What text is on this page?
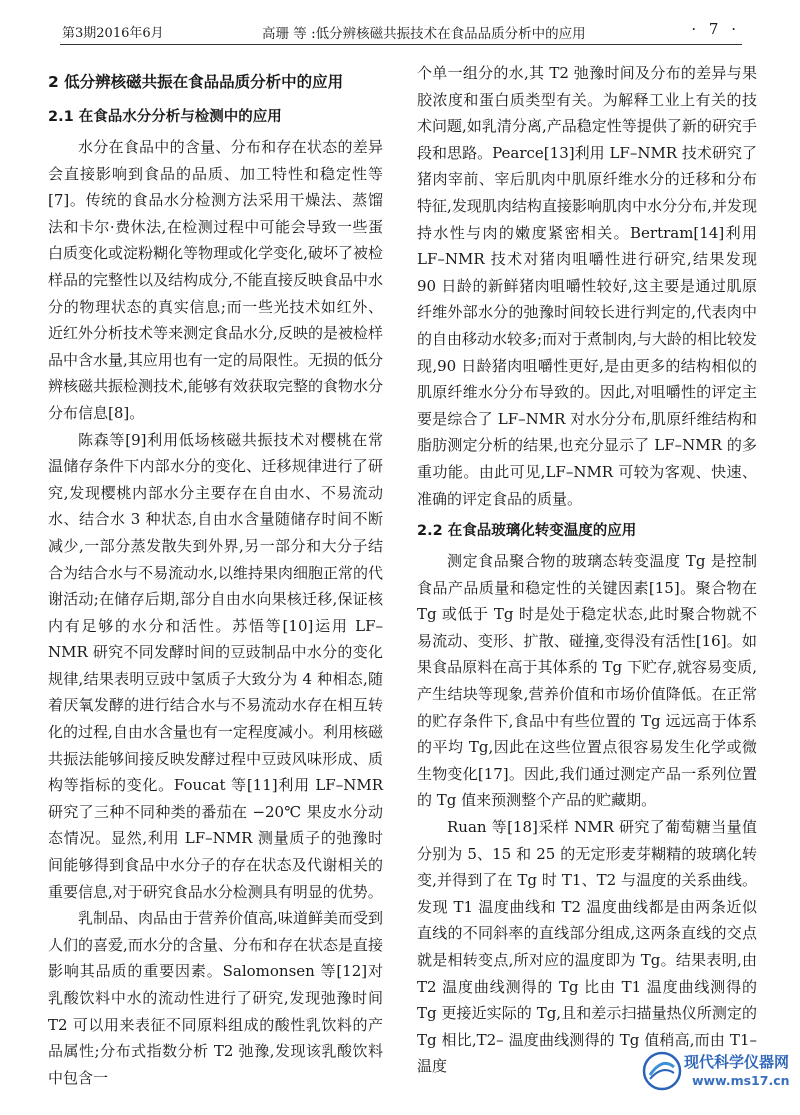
第3期2016年6月	高珊 等 :低分辨核磁共振技术在食品品质分析中的应用	· 7 ·
2 低分辨核磁共振在食品品质分析中的应用
2.1 在食品水分分析与检测中的应用

水分在食品中的含量、分布和存在状态的差异会直接影响到食品的品质、加工特性和稳定性等[7]。传统的食品水分检测方法采用干燥法、蒸馏法和卡尔·费休法,在检测过程中可能会导致一些蛋白质变化或淀粉糊化等物理或化学变化,破坏了被检样品的完整性以及结构成分,不能直接反映食品中水分的物理状态的真实信息;而一些光技术如红外、近红外分析技术等来测定食品水分,反映的是被检样品中含水量,其应用也有一定的局限性。无损的低分辨核磁共振检测技术,能够有效获取完整的食物水分分布信息[8]。

陈森等[9]利用低场核磁共振技术对樱桃在常温储存条件下内部水分的变化、迁移规律进行了研究,发现樱桃内部水分主要存在自由水、不易流动水、结合水 3 种状态,自由水含量随储存时间不断减少,一部分蒸发散失到外界,另一部分和大分子结合为结合水与不易流动水,以维持果肉细胞正常的代谢活动;在储存后期,部分自由水向果核迁移,保证核内有足够的水分和活性。苏悟等[10]运用 LF–NMR 研究不同发酵时间的豆豉制品中水分的变化规律,结果表明豆豉中氢质子大致分为 4 种相态,随着厌氧发酵的进行结合水与不易流动水存在相互转化的过程,自由水含量也有一定程度减小。利用核磁共振法能够间接反映发酵过程中豆豉风味形成、质构等指标的变化。Foucat 等[11]利用 LF–NMR 研究了三种不同种类的番茄在 −20℃ 果皮水分动态情况。显然,利用 LF–NMR 测量质子的弛豫时间能够得到食品中水分子的存在状态及代谢相关的重要信息,对于研究食品水分检测具有明显的优势。

乳制品、肉品由于营养价值高,味道鲜美而受到人们的喜爱,而水分的含量、分布和存在状态是直接影响其品质的重要因素。Salomonsen 等[12]对乳酸饮料中水的流动性进行了研究,发现弛豫时间 T2 可以用来表征不同原料组成的酸性乳饮料的产品属性;分布式指数分析 T2 弛豫,发现该乳酸饮料中包含一

个单一组分的水,其 T2 弛豫时间及分布的差异与果胶浓度和蛋白质类型有关。为解释工业上有关的技术问题,如乳清分离,产品稳定性等提供了新的研究手段和思路。Pearce[13]利用 LF–NMR 技术研究了猪肉宰前、宰后肌肉中肌原纤维水分的迁移和分布特征,发现肌肉结构直接影响肌肉中水分分布,并发现持水性与肉的嫩度紧密相关。Bertram[14]利用 LF–NMR 技术对猪肉咀嚼性进行研究,结果发现 90 日龄的新鲜猪肉咀嚼性较好,这主要是通过肌原纤维外部水分的弛豫时间较长进行判定的,代表肉中的自由移动水较多;而对于煮制肉,与大龄的相比较发现,90 日龄猪肉咀嚼性更好,是由更多的结构相似的肌原纤维水分分布导致的。因此,对咀嚼性的评定主要是综合了 LF–NMR 对水分分布,肌原纤维结构和脂肪测定分析的结果,也充分显示了 LF–NMR 的多重功能。由此可见,LF–NMR 可较为客观、快速、准确的评定食品的质量。

2.2 在食品玻璃化转变温度的应用

测定食品聚合物的玻璃态转变温度 Tg 是控制食品产品质量和稳定性的关键因素[15]。聚合物在 Tg 或低于 Tg 时是处于稳定状态,此时聚合物就不易流动、变形、扩散、碰撞,变得没有活性[16]。如果食品原料在高于其体系的 Tg 下贮存,就容易变质,产生结块等现象,营养价值和市场价值降低。在正常的贮存条件下,食品中有些位置的 Tg 远远高于体系的平均 Tg,因此在这些位置点很容易发生化学或微生物变化[17]。因此,我们通过测定产品一系列位置的 Tg 值来预测整个产品的贮藏期。

Ruan 等[18]采样 NMR 研究了葡萄糖当量值分别为 5、15 和 25 的无定形麦芽糊精的玻璃化转变,并得到了在 Tg 时 T1、T2 与温度的关系曲线。发现 T1 温度曲线和 T2 温度曲线都是由两条近似直线的不同斜率的直线部分组成,这两条直线的交点就是相转变点,所对应的温度即为 Tg。结果表明,由 T2 温度曲线测得的 Tg 比由 T1 温度曲线测得的 Tg 更接近实际的 Tg,且和差示扫描量热仪所测定的 Tg 相比,T2– 温度曲线测得的 Tg 值稍高,而由 T1– 温度	现代科学仪器网
www.ms17.cn
